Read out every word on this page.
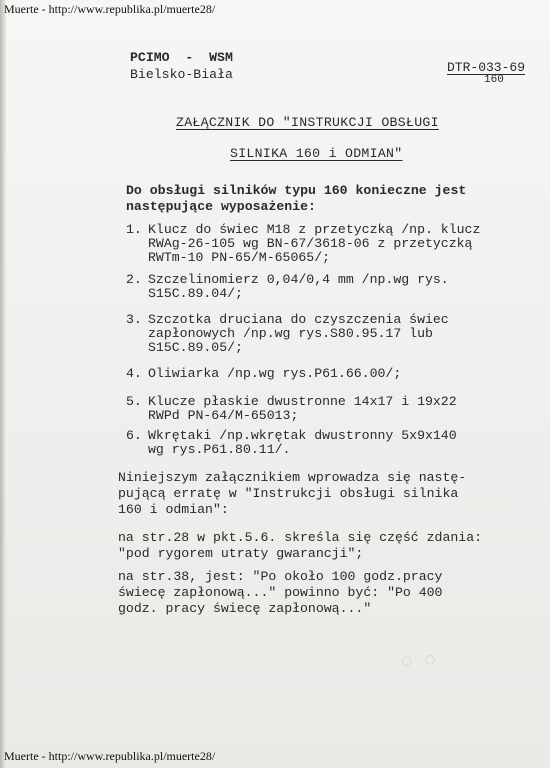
Muerte - http://www.republika.pl/muerte28/
PCIMO  -  WSM
Bielsko-Biała	DTR-033-69
160
ZAŁĄCZNIK DO "INSTRUKCJI OBSŁUGI
SILNIKA 160 i ODMIAN"
Do obsługi silników typu 160 konieczne jest
następujące wyposażenie:
1. Klucz do świec M18 z przetyczką /np. klucz
RWAg-26-105 wg BN-67/3618-06 z przetyczką
RWTm-10 PN-65/M-65065/;
2. Szczelinomierz 0,04/0,4 mm /np.wg rys.
S15C.89.04/;
3. Szczotka druciana do czyszczenia świec
zapłonowych /np.wg rys.S80.95.17 lub
S15C.89.05/;
4. Oliwiarka /np.wg rys.P61.66.00/;
5. Klucze płaskie dwustronne 14x17 i 19x22
RWPd PN-64/M-65013;
6. Wkrętaki /np.wkrętak dwustronny 5x9x140
wg rys.P61.80.11/.
Niniejszym załącznikiem wprowadza się nastę-
pującą erratę w "Instrukcji obsługi silnika
160 i odmian":
na str.28 w pkt.5.6. skreśla się część zdania:
"pod rygorem utraty gwarancji";
na str.38, jest: "Po około 100 godz.pracy
świecę zapłonową..." powinno być: "Po 400
godz. pracy świecę zapłonową..."
○ ○
Muerte - http://www.republika.pl/muerte28/
